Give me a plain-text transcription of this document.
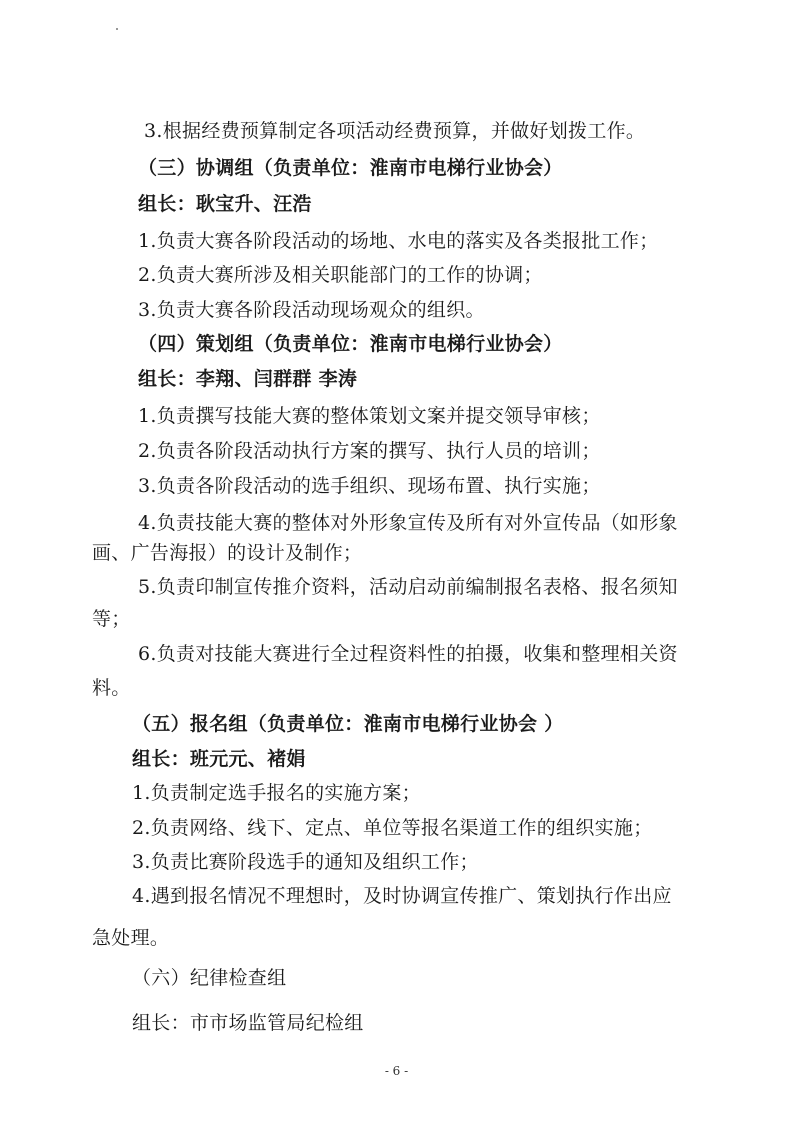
3.根据经费预算制定各项活动经费预算，并做好划拨工作。
（三）协调组（负责单位：淮南市电梯行业协会）
组长：耿宝升、汪浩
1.负责大赛各阶段活动的场地、水电的落实及各类报批工作；
2.负责大赛所涉及相关职能部门的工作的协调；
3.负责大赛各阶段活动现场观众的组织。
（四）策划组（负责单位：淮南市电梯行业协会）
组长：李翔、闫群群 李涛
1.负责撰写技能大赛的整体策划文案并提交领导审核；
2.负责各阶段活动执行方案的撰写、执行人员的培训；
3.负责各阶段活动的选手组织、现场布置、执行实施；
4.负责技能大赛的整体对外形象宣传及所有对外宣传品（如形象
画、广告海报）的设计及制作；
5.负责印制宣传推介资料，活动启动前编制报名表格、报名须知
等；
6.负责对技能大赛进行全过程资料性的拍摄，收集和整理相关资
料。
（五）报名组（负责单位：淮南市电梯行业协会 ）
组长：班元元、褚娟
1.负责制定选手报名的实施方案；
2.负责网络、线下、定点、单位等报名渠道工作的组织实施；
3.负责比赛阶段选手的通知及组织工作；
4.遇到报名情况不理想时，及时协调宣传推广、策划执行作出应
急处理。
（六）纪律检查组
组长：市市场监管局纪检组
- 6 -
